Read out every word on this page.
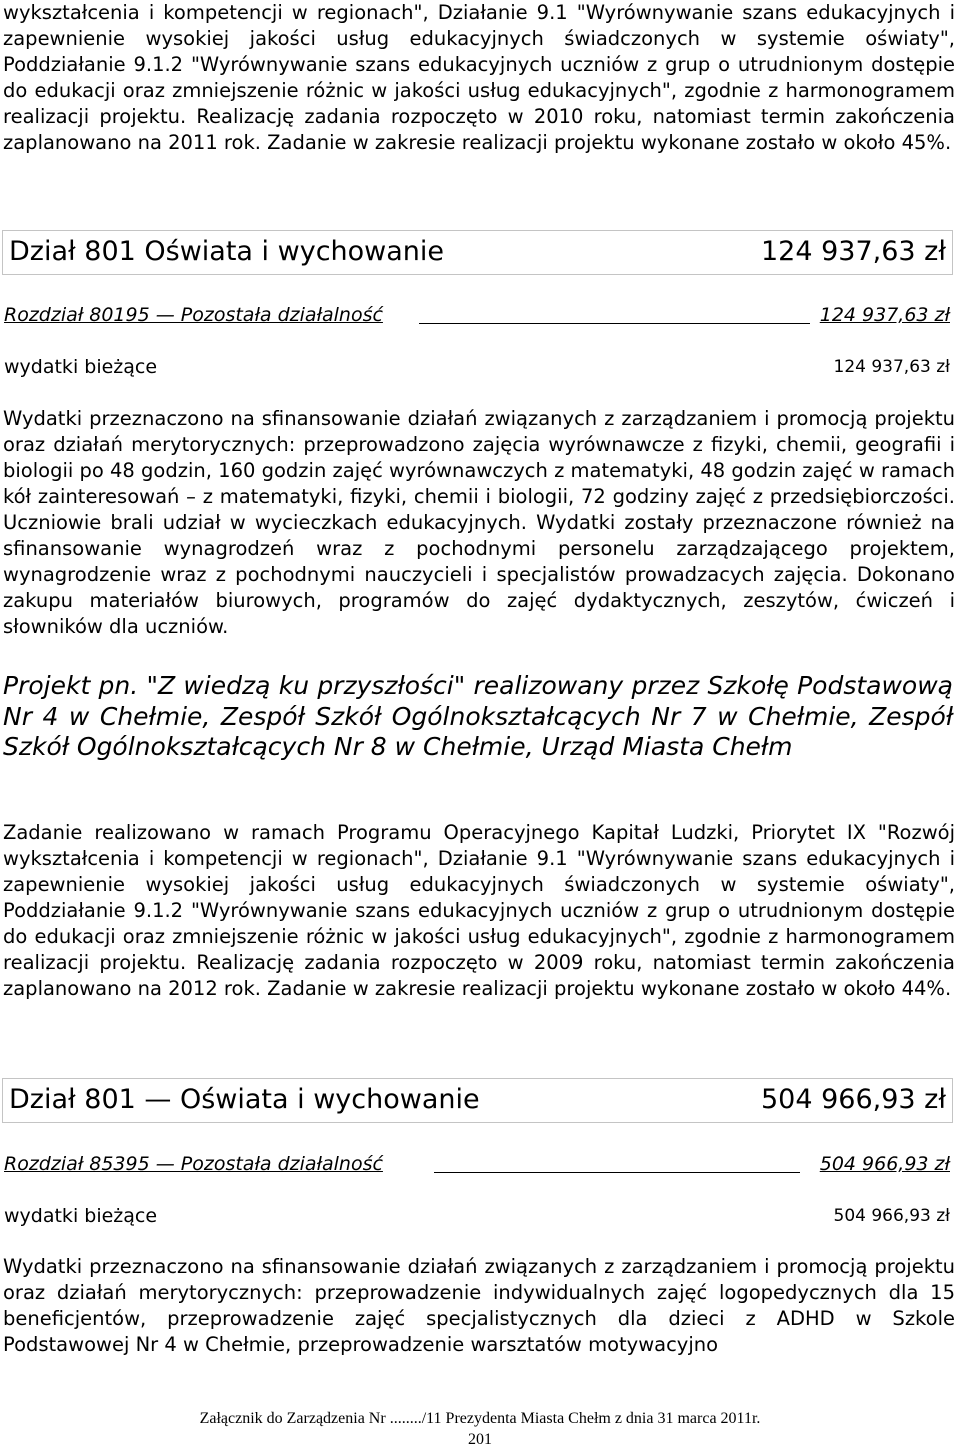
wykształcenia i kompetencji w regionach", Działanie 9.1 "Wyrównywanie szans edukacyjnych i zapewnienie wysokiej jakości usług edukacyjnych świadczonych w systemie oświaty", Poddziałanie 9.1.2 "Wyrównywanie szans edukacyjnych uczniów z grup o utrudnionym dostępie do edukacji oraz zmniejszenie różnic w jakości usług edukacyjnych", zgodnie z harmonogramem realizacji projektu. Realizację zadania rozpoczęto w 2010 roku, natomiast termin zakończenia zaplanowano na 2011 rok. Zadanie w zakresie realizacji projektu wykonane zostało w około 45%.

Dział 801 Oświata i wychowanie	124 937,63 zł
Rozdział 80195 — Pozostała działalność	124 937,63 zł
wydatki bieżące	124 937,63 zł

Wydatki przeznaczono na sfinansowanie działań związanych z zarządzaniem i promocją projektu oraz działań merytorycznych: przeprowadzono zajęcia wyrównawcze z fizyki, chemii, geografii i biologii po 48 godzin, 160 godzin zajęć wyrównawczych z matematyki, 48 godzin zajęć w ramach kół zainteresowań – z matematyki, fizyki, chemii i biologii, 72 godziny zajęć z przedsiębiorczości. Uczniowie brali udział w wycieczkach edukacyjnych. Wydatki zostały przeznaczone również na sfinansowanie wynagrodzeń wraz z pochodnymi personelu zarządzającego projektem, wynagrodzenie wraz z pochodnymi nauczycieli i specjalistów prowadzacych zajęcia. Dokonano zakupu materiałów biurowych, programów do zajęć dydaktycznych, zeszytów, ćwiczeń i słowników dla uczniów.

Projekt pn. "Z wiedzą ku przyszłości" realizowany przez Szkołę Podstawową Nr 4 w Chełmie, Zespół Szkół Ogólnokształcących Nr 7 w Chełmie, Zespół Szkół Ogólnokształcących Nr 8 w Chełmie, Urząd Miasta Chełm

Zadanie realizowano w ramach Programu Operacyjnego Kapitał Ludzki, Priorytet IX "Rozwój wykształcenia i kompetencji w regionach", Działanie 9.1 "Wyrównywanie szans edukacyjnych i zapewnienie wysokiej jakości usług edukacyjnych świadczonych w systemie oświaty", Poddziałanie 9.1.2 "Wyrównywanie szans edukacyjnych uczniów z grup o utrudnionym dostępie do edukacji oraz zmniejszenie różnic w jakości usług edukacyjnych", zgodnie z harmonogramem realizacji projektu. Realizację zadania rozpoczęto w 2009 roku, natomiast termin zakończenia zaplanowano na 2012 rok. Zadanie w zakresie realizacji projektu wykonane zostało w około 44%.

Dział 801 — Oświata i wychowanie	504 966,93 zł
Rozdział 85395 — Pozostała działalność	504 966,93 zł
wydatki bieżące	504 966,93 zł

Wydatki przeznaczono na sfinansowanie działań związanych z zarządzaniem i promocją projektu oraz działań merytorycznych: przeprowadzenie indywidualnych zajęć logopedycznych dla 15 beneficjentów, przeprowadzenie zajęć specjalistycznych dla dzieci z ADHD w Szkole Podstawowej Nr 4 w Chełmie, przeprowadzenie warsztatów motywacyjno

Załącznik do Zarządzenia Nr ......../11 Prezydenta Miasta Chełm z dnia 31 marca 2011r.
201
